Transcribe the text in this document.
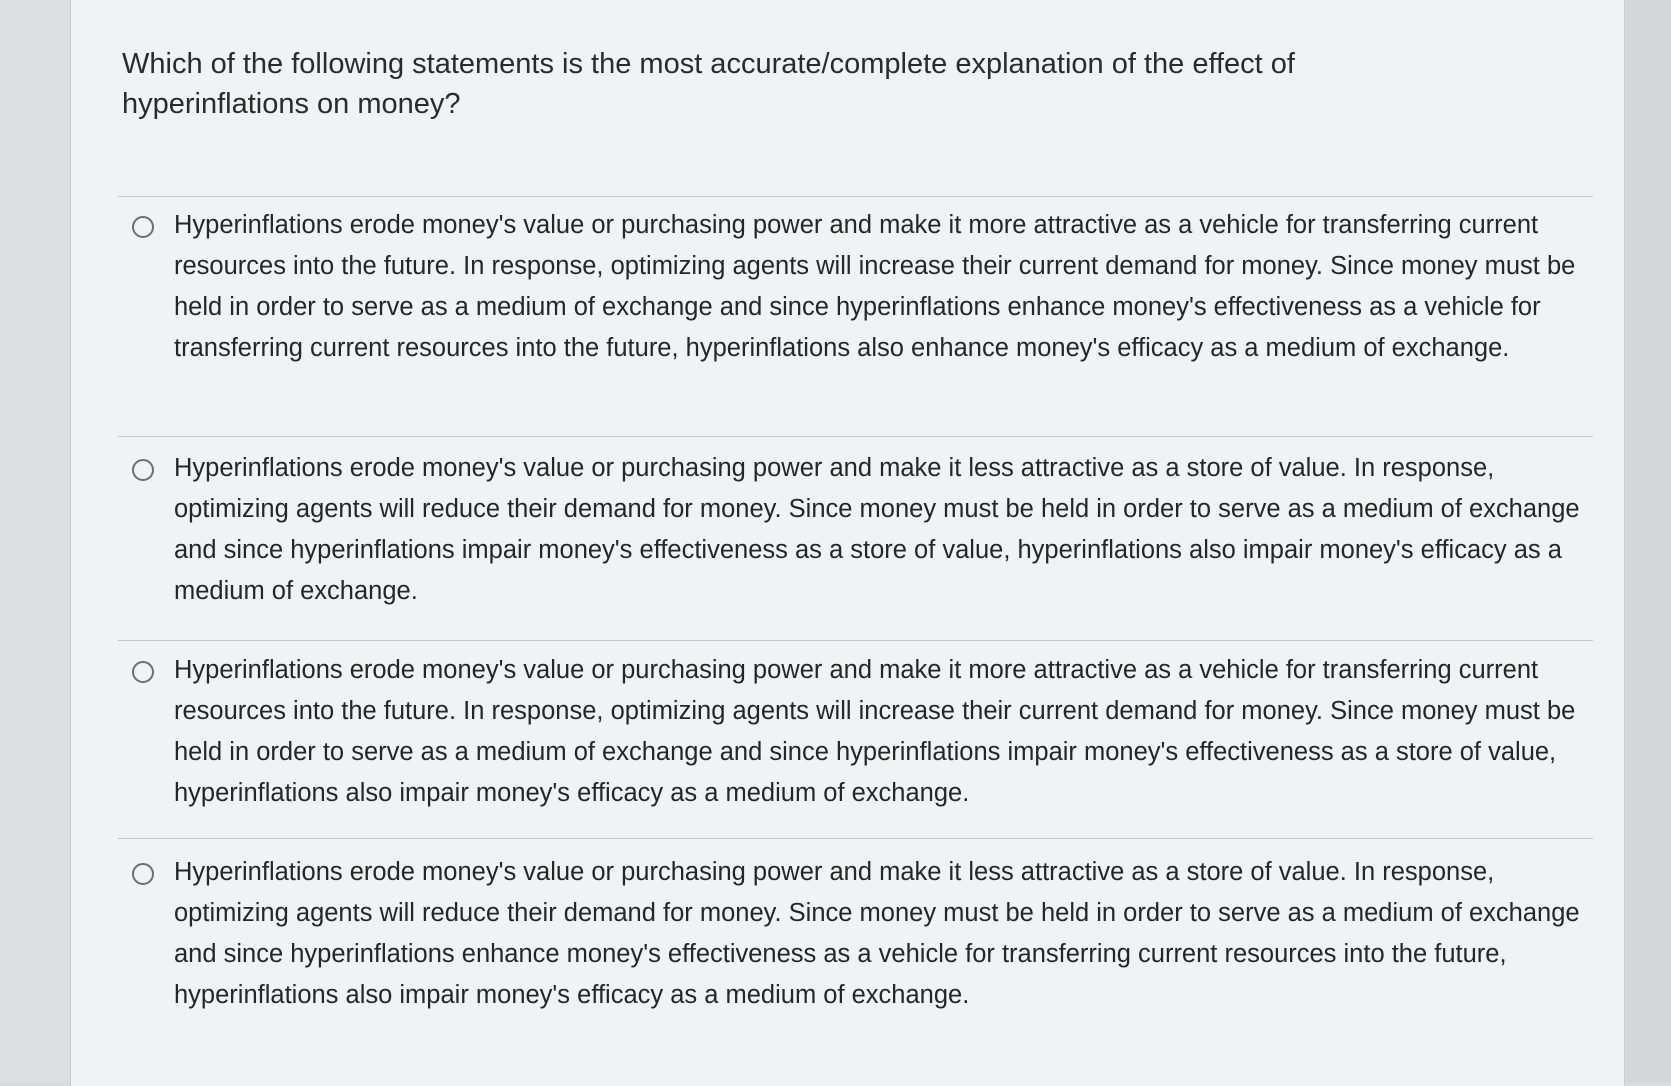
Which of the following statements is the most accurate/complete explanation of the effect of hyperinflations on money?

Hyperinflations erode money's value or purchasing power and make it more attractive as a vehicle for transferring current resources into the future. In response, optimizing agents will increase their current demand for money. Since money must be held in order to serve as a medium of exchange and since hyperinflations enhance money's effectiveness as a vehicle for transferring current resources into the future, hyperinflations also enhance money's efficacy as a medium of exchange.
Hyperinflations erode money's value or purchasing power and make it less attractive as a store of value. In response, optimizing agents will reduce their demand for money. Since money must be held in order to serve as a medium of exchange and since hyperinflations impair money's effectiveness as a store of value, hyperinflations also impair money's efficacy as a medium of exchange.
Hyperinflations erode money's value or purchasing power and make it more attractive as a vehicle for transferring current resources into the future. In response, optimizing agents will increase their current demand for money. Since money must be held in order to serve as a medium of exchange and since hyperinflations impair money's effectiveness as a store of value, hyperinflations also impair money's efficacy as a medium of exchange.
Hyperinflations erode money's value or purchasing power and make it less attractive as a store of value. In response, optimizing agents will reduce their demand for money. Since money must be held in order to serve as a medium of exchange and since hyperinflations enhance money's effectiveness as a vehicle for transferring current resources into the future, hyperinflations also impair money's efficacy as a medium of exchange.
